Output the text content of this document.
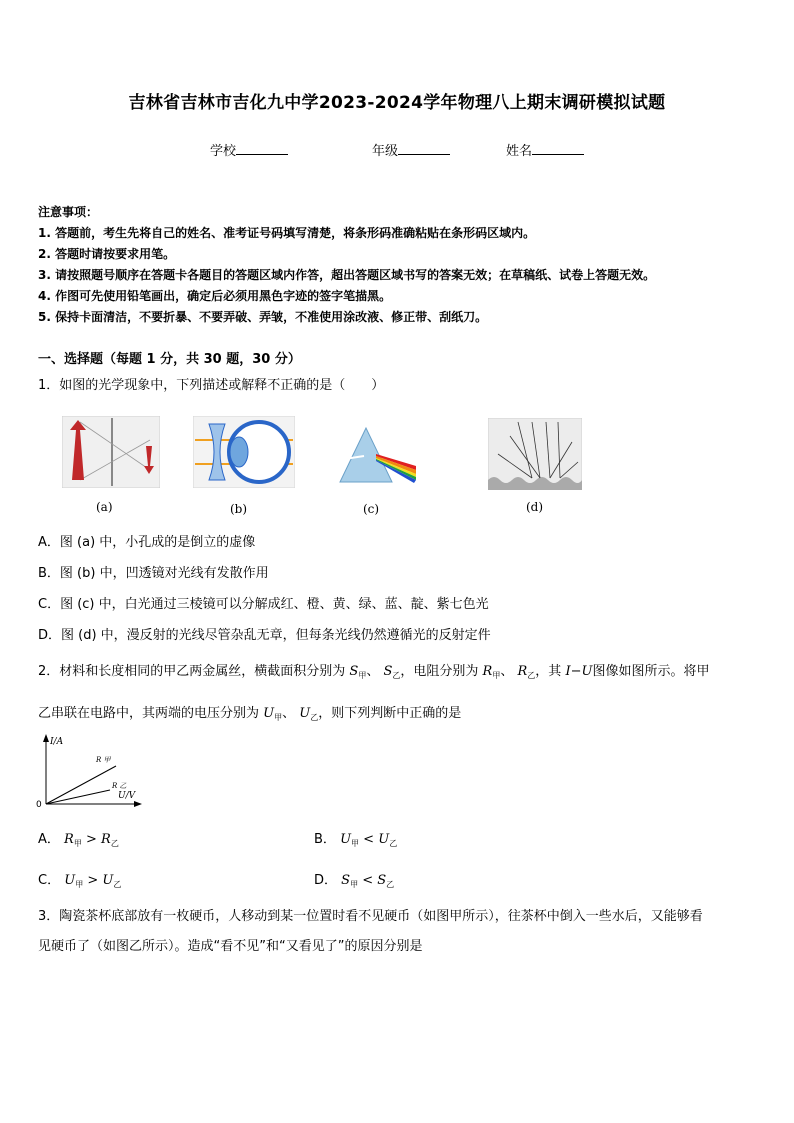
吉林省吉林市吉化九中学2023-2024学年物理八上期末调研模拟试题
学校	年级	姓名
注意事项：
1. 答题前，考生先将自己的姓名、准考证号码填写清楚，将条形码准确粘贴在条形码区域内。
2. 答题时请按要求用笔。
3. 请按照题号顺序在答题卡各题目的答题区域内作答，超出答题区域书写的答案无效；在草稿纸、试卷上答题无效。
4. 作图可先使用铅笔画出，确定后必须用黑色字迹的签字笔描黑。
5. 保持卡面清洁，不要折暴、不要弄破、弄皱，不准使用涂改液、修正带、刮纸刀。
一、选择题（每题 1 分，共 30 题，30 分）
1．如图的光学现象中，下列描述或解释不正确的是（　　）
(a)	(b)	(c)	(d)
A．图 (a) 中，小孔成的是倒立的虚像
B．图 (b) 中，凹透镜对光线有发散作用
C．图 (c) 中，白光通过三棱镜可以分解成红、橙、黄、绿、蓝、靛、紫七色光
D．图 (d) 中，漫反射的光线尽管杂乱无章，但每条光线仍然遵循光的反射定件
2．材料和长度相同的甲乙两金属丝，横截面积分别为 $S_甲$、 $S_乙$，电阻分别为 $R_甲$、 $R_乙$，其 I−U图像如图所示。将甲
乙串联在电路中，其两端的电压分别为 $U_甲$、 $U_乙$，则下列判断中正确的是
I/A
U/V
0
R 甲
R 乙
A． $R_甲 > R_乙$	B． $U_甲 < U_乙$
C． $U_甲 > U_乙$	D． $S_甲 < S_乙$
3．陶瓷茶杯底部放有一枚硬币，人移动到某一位置时看不见硬币（如图甲所示），往茶杯中倒入一些水后，又能够看
见硬币了（如图乙所示）。造成“看不见”和“又看见了”的原因分别是
